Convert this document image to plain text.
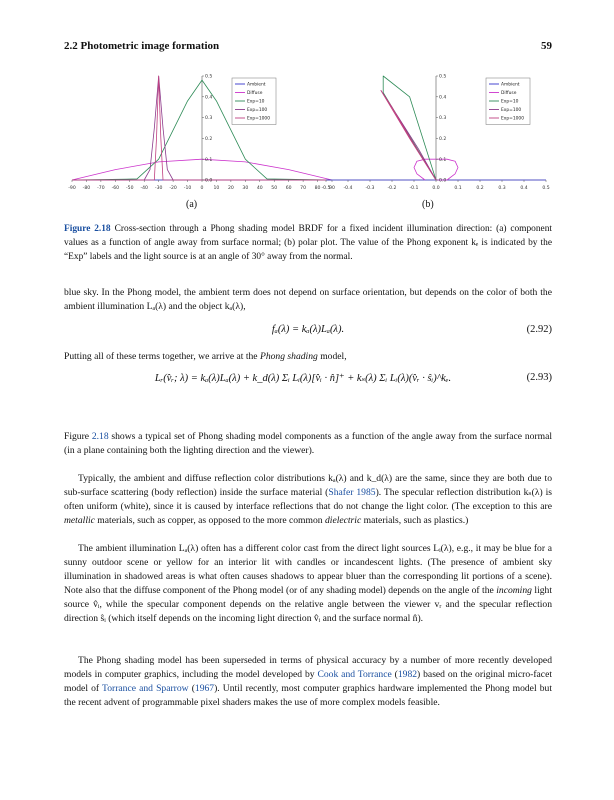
2.2 Photometric image formation	59
-90 -80 -70 -60 -50 -40 -30 -20 -10 0 10 20 30 40 50 60 70 80 90
0.0
0.1
0.2
0.3
0.4
0.5
Ambient
Diffuse
Exp=10
Exp=100
Exp=1000
-0.5	-0.4	-0.3	-0.2	-0.1	0.0	0.1	0.2	0.3	0.4	0.5
0.0
0.1
0.2
0.3
0.4
0.5
Ambient
Diffuse
Exp=10
Exp=100
Exp=1000
(a)	(b)
Figure 2.18 Cross-section through a Phong shading model BRDF for a fixed incident illumination direction: (a) component values as a function of angle away from surface normal; (b) polar plot. The value of the Phong exponent kₑ is indicated by the “Exp” labels and the light source is at an angle of 30° away from the normal.
blue sky. In the Phong model, the ambient term does not depend on surface orientation, but depends on the color of both the ambient illumination Lₐ(λ) and the object kₐ(λ),
fₐ(λ) = kₐ(λ)Lₐ(λ).	(2.92)
Putting all of these terms together, we arrive at the Phong shading model,
Lᵣ(v̂ᵣ; λ) = kₐ(λ)Lₐ(λ) + k_d(λ) Σᵢ Lᵢ(λ)[v̂ᵢ · n̂]⁺ + kₛ(λ) Σᵢ Lᵢ(λ)(v̂ᵣ · ŝᵢ)^kₑ.	(2.93)
Figure 2.18 shows a typical set of Phong shading model components as a function of the angle away from the surface normal (in a plane containing both the lighting direction and the viewer).
Typically, the ambient and diffuse reflection color distributions kₐ(λ) and k_d(λ) are the same, since they are both due to sub-surface scattering (body reflection) inside the surface material (Shafer 1985). The specular reflection distribution kₛ(λ) is often uniform (white), since it is caused by interface reflections that do not change the light color. (The exception to this are metallic materials, such as copper, as opposed to the more common dielectric materials, such as plastics.)
The ambient illumination Lₐ(λ) often has a different color cast from the direct light sources Lᵢ(λ), e.g., it may be blue for a sunny outdoor scene or yellow for an interior lit with candles or incandescent lights. (The presence of ambient sky illumination in shadowed areas is what often causes shadows to appear bluer than the corresponding lit portions of a scene). Note also that the diffuse component of the Phong model (or of any shading model) depends on the angle of the incoming light source v̂ᵢ, while the specular component depends on the relative angle between the viewer vᵣ and the specular reflection direction ŝᵢ (which itself depends on the incoming light direction v̂ᵢ and the surface normal n̂).
The Phong shading model has been superseded in terms of physical accuracy by a number of more recently developed models in computer graphics, including the model developed by Cook and Torrance (1982) based on the original micro-facet model of Torrance and Sparrow (1967). Until recently, most computer graphics hardware implemented the Phong model but the recent advent of programmable pixel shaders makes the use of more complex models feasible.
